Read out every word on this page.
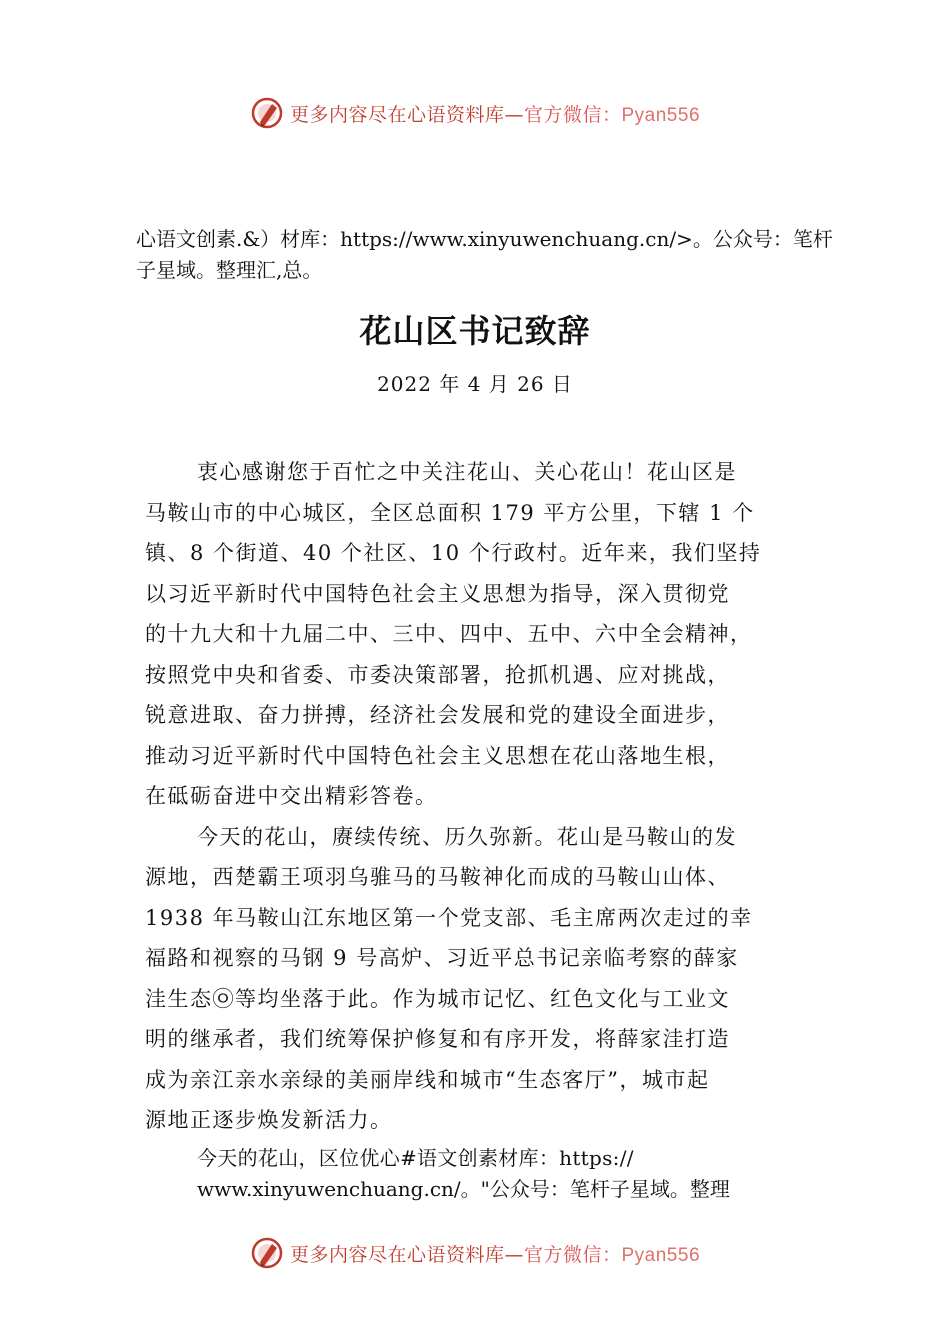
更多内容尽在心语资料库—官方微信：Pyan556

心语文创素.&）材库：https://www.xinyuwenchuang.cn/>。公众号：笔杆子星域。整理汇,总。

花山区书记致辞

2022 年 4 月 26 日

衷心感谢您于百忙之中关注花山、关心花山！花山区是

马鞍山市的中心城区，全区总面积 179 平方公里，下辖 1 个

镇、8 个街道、40 个社区、10 个行政村。近年来，我们坚持

以习近平新时代中国特色社会主义思想为指导，深入贯彻党

的十九大和十九届二中、三中、四中、五中、六中全会精神，

按照党中央和省委、市委决策部署，抢抓机遇、应对挑战，

锐意进取、奋力拼搏，经济社会发展和党的建设全面进步，

推动习近平新时代中国特色社会主义思想在花山落地生根，

在砥砺奋进中交出精彩答卷。

今天的花山，赓续传统、历久弥新。花山是马鞍山的发

源地，西楚霸王项羽乌骓马的马鞍神化而成的马鞍山山体、

1938 年马鞍山江东地区第一个党支部、毛主席两次走过的幸

福路和视察的马钢 9 号高炉、习近平总书记亲临考察的薛家

洼生态㉧等均坐落于此。作为城市记忆、红色文化与工业文

明的继承者，我们统筹保护修复和有序开发，将薛家洼打造

成为亲江亲水亲绿的美丽岸线和城市“生态客厅”，城市起

源地正逐步焕发新活力。

今天的花山，区位优心#语文创素材库：https://

www.xinyuwenchuang.cn/。"公众号：笔杆子星域。整理

更多内容尽在心语资料库—官方微信：Pyan556
